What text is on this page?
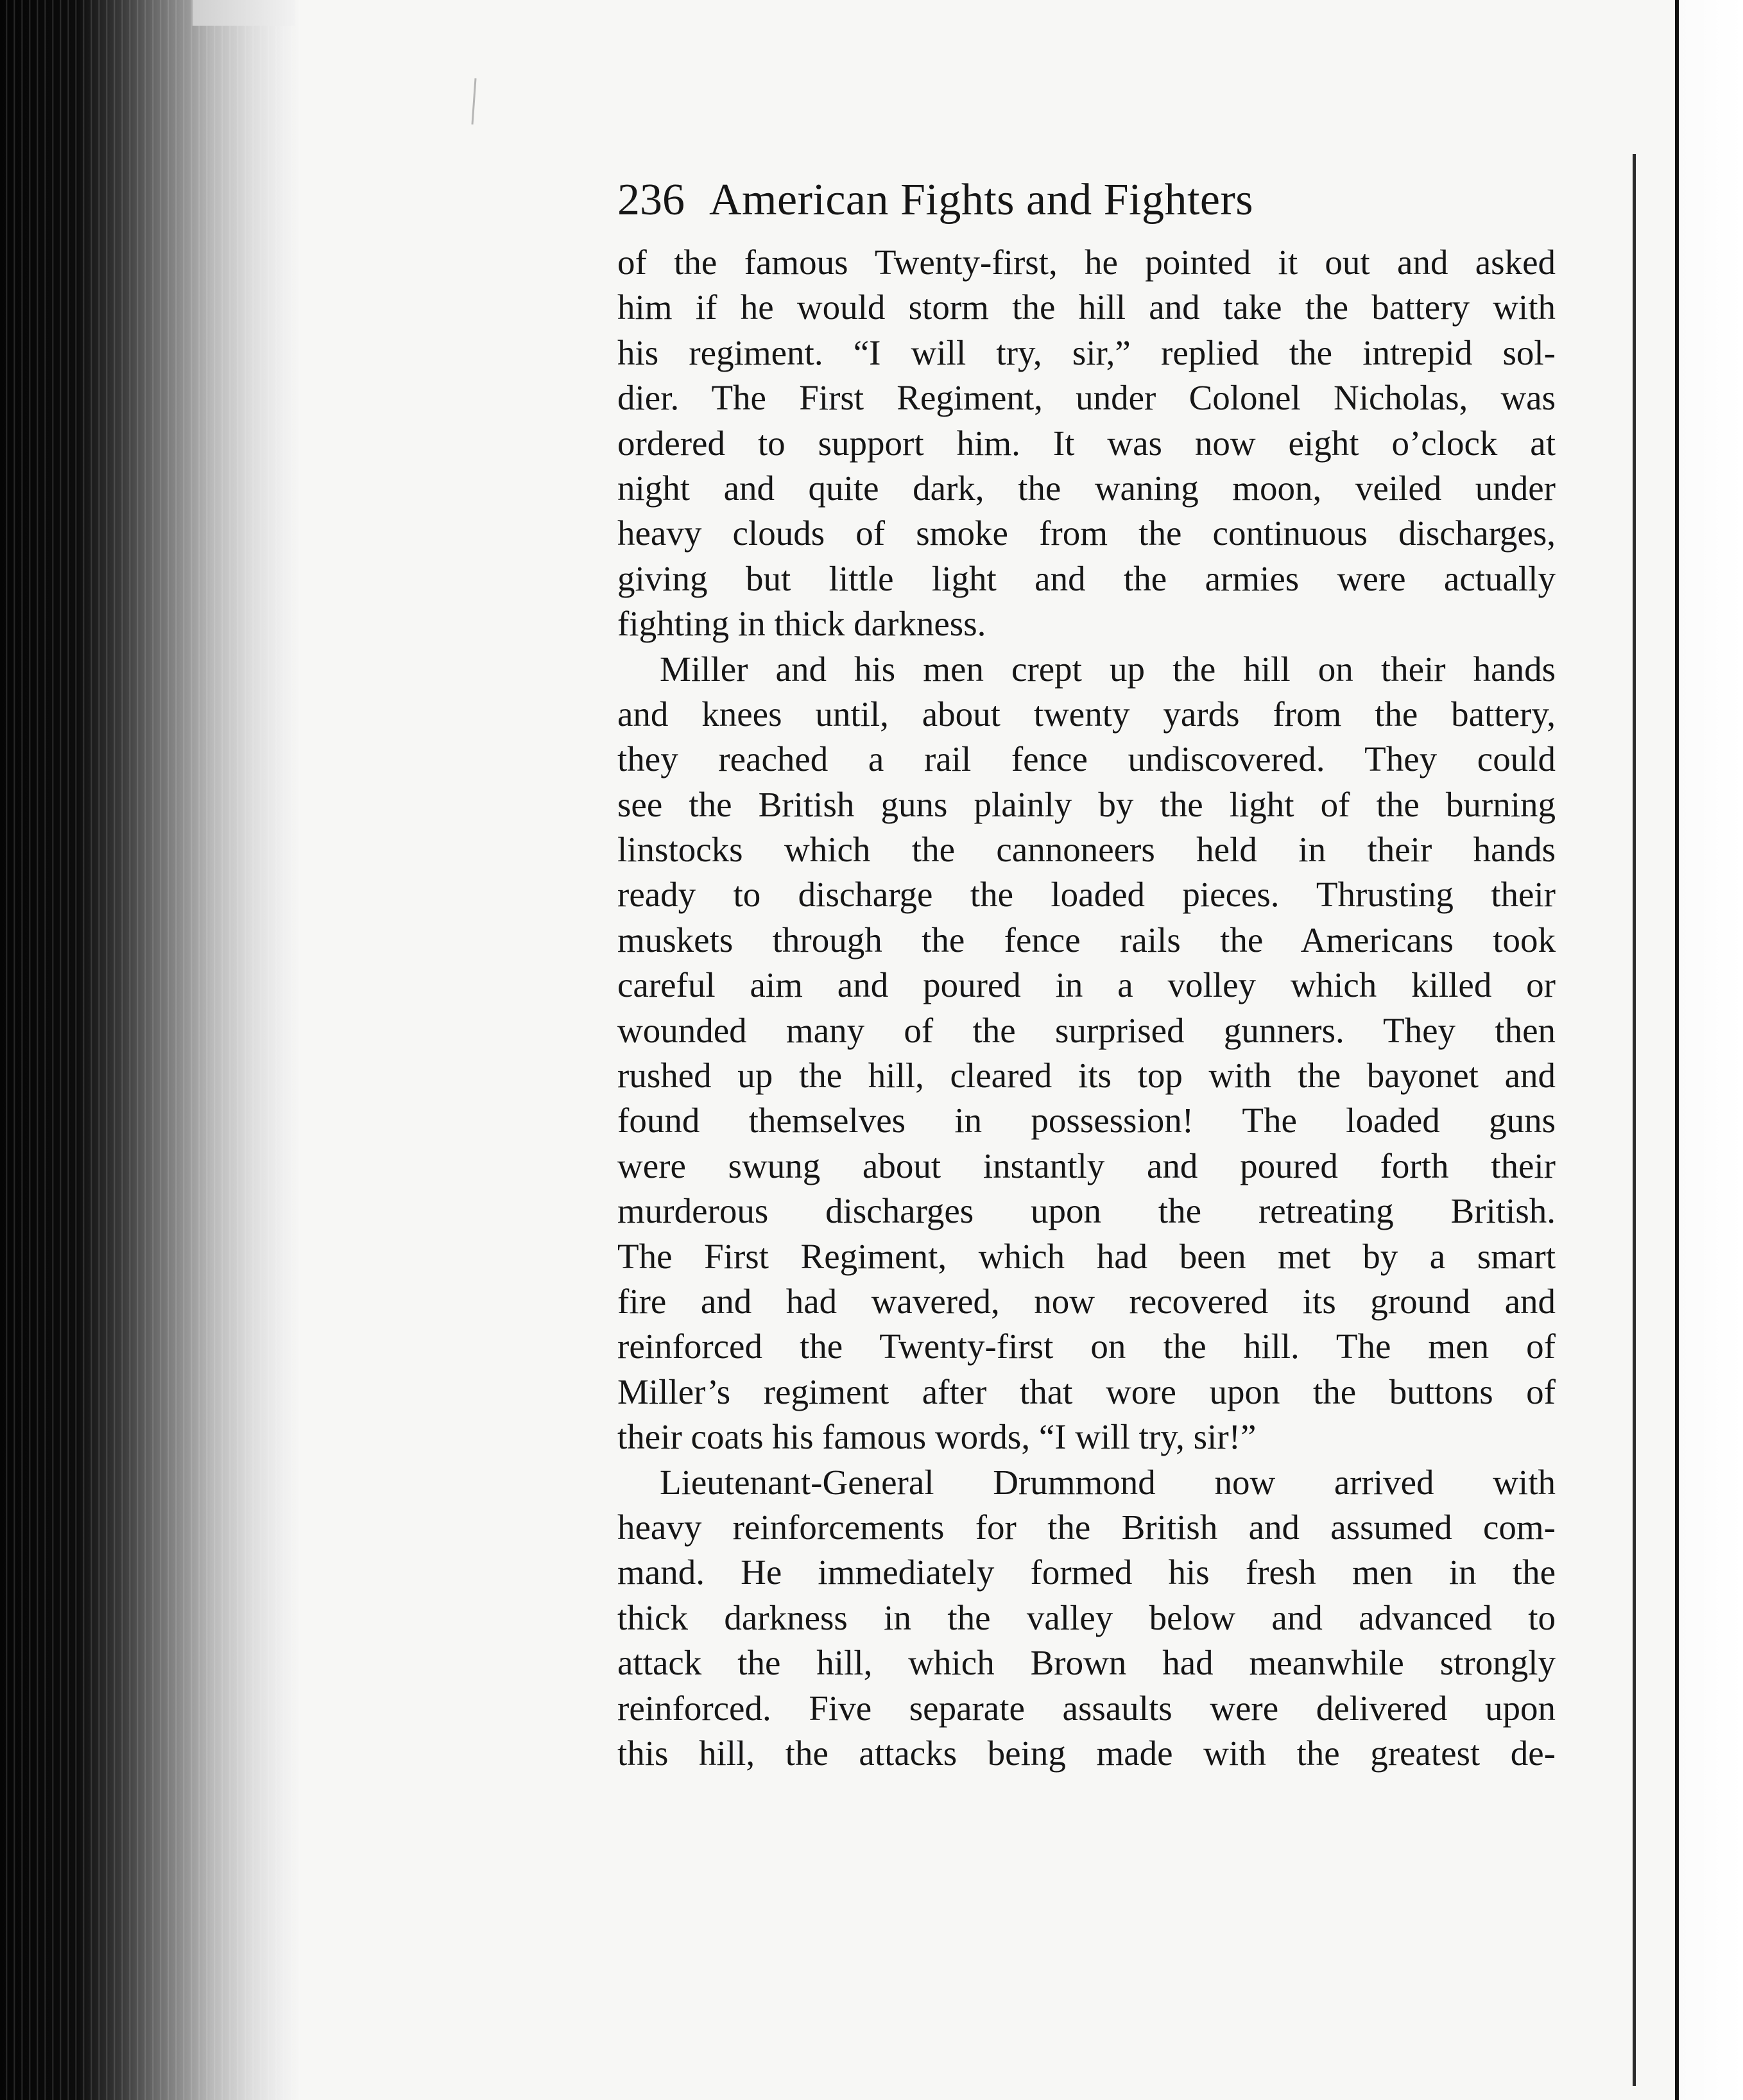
236 American Fights and Fighters
of the famous Twenty-first, he pointed it out and asked
him if he would storm the hill and take the battery with
his regiment. “I will try, sir,” replied the intrepid sol-
dier. The First Regiment, under Colonel Nicholas, was
ordered to support him. It was now eight o’clock at
night and quite dark, the waning moon, veiled under
heavy clouds of smoke from the continuous discharges,
giving but little light and the armies were actually
fighting in thick darkness.
Miller and his men crept up the hill on their hands
and knees until, about twenty yards from the battery,
they reached a rail fence undiscovered. They could
see the British guns plainly by the light of the burning
linstocks which the cannoneers held in their hands
ready to discharge the loaded pieces. Thrusting their
muskets through the fence rails the Americans took
careful aim and poured in a volley which killed or
wounded many of the surprised gunners. They then
rushed up the hill, cleared its top with the bayonet and
found themselves in possession! The loaded guns
were swung about instantly and poured forth their
murderous discharges upon the retreating British.
The First Regiment, which had been met by a smart
fire and had wavered, now recovered its ground and
reinforced the Twenty-first on the hill. The men of
Miller’s regiment after that wore upon the buttons of
their coats his famous words, “I will try, sir!”
Lieutenant-General Drummond now arrived with
heavy reinforcements for the British and assumed com-
mand. He immediately formed his fresh men in the
thick darkness in the valley below and advanced to
attack the hill, which Brown had meanwhile strongly
reinforced. Five separate assaults were delivered upon
this hill, the attacks being made with the greatest de-
